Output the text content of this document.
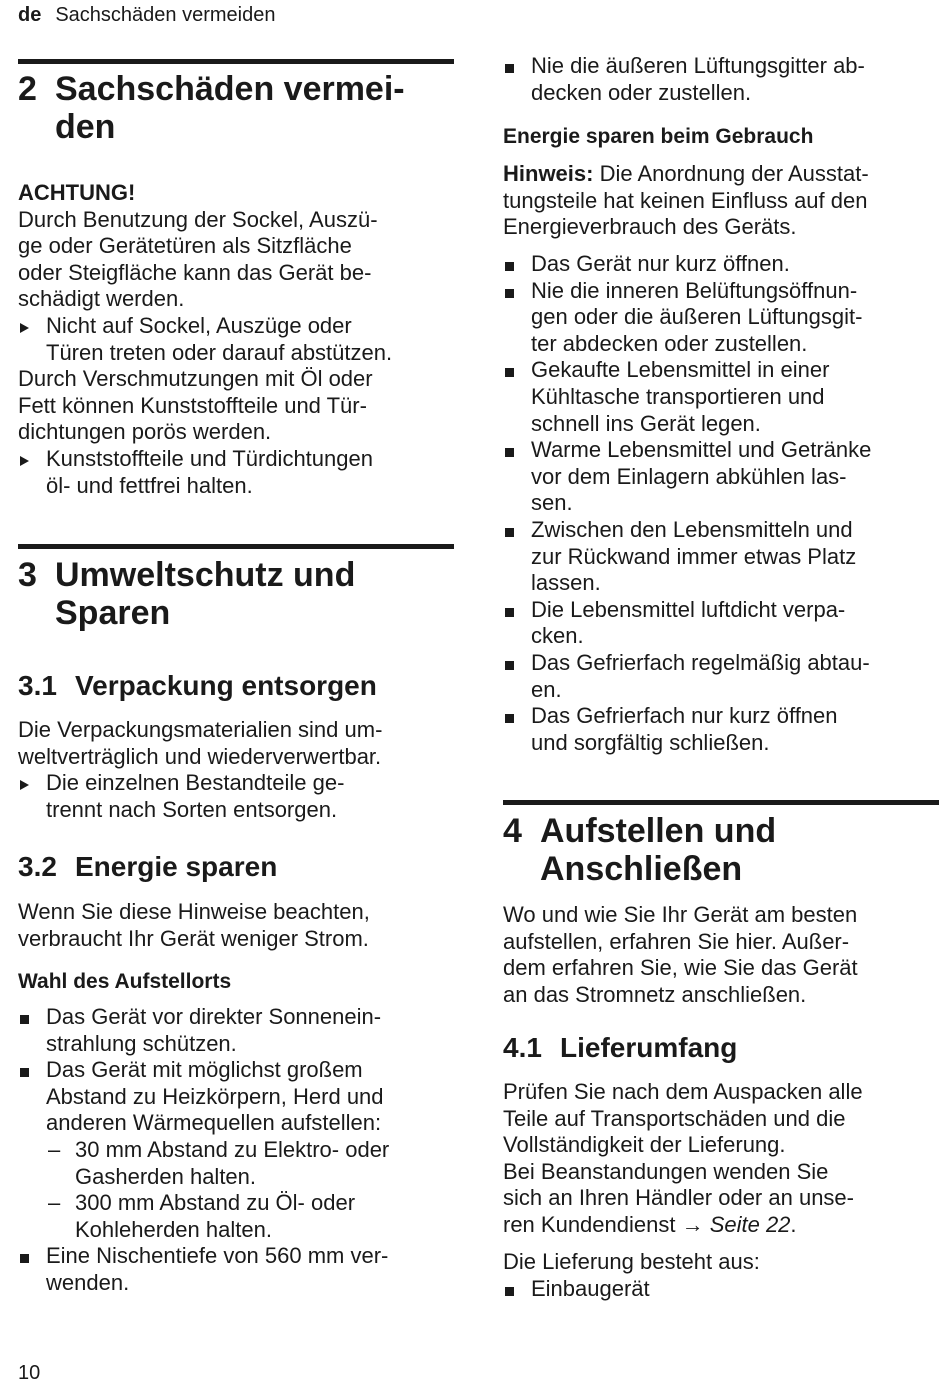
de Sachschäden vermeiden
2 Sachschäden vermei-
den
ACHTUNG!
Durch Benutzung der Sockel, Auszü-
ge oder Gerätetüren als Sitzfläche
oder Steigfläche kann das Gerät be-
schädigt werden.
Nicht auf Sockel, Auszüge oder
Türen treten oder darauf abstützen.
Durch Verschmutzungen mit Öl oder
Fett können Kunststoffteile und Tür-
dichtungen porös werden.
Kunststoffteile und Türdichtungen
öl- und fettfrei halten.
3 Umweltschutz und
Sparen
3.1 Verpackung entsorgen
Die Verpackungsmaterialien sind um-
weltverträglich und wiederverwertbar.
Die einzelnen Bestandteile ge-
trennt nach Sorten entsorgen.
3.2 Energie sparen
Wenn Sie diese Hinweise beachten,
verbraucht Ihr Gerät weniger Strom.
Wahl des Aufstellorts
Das Gerät vor direkter Sonnenein-
strahlung schützen.
Das Gerät mit möglichst großem
Abstand zu Heizkörpern, Herd und
anderen Wärmequellen aufstellen:
– 30 mm Abstand zu Elektro- oder
Gasherden halten.
– 300 mm Abstand zu Öl- oder
Kohleherden halten.
Eine Nischentiefe von 560 mm ver-
wenden.
Nie die äußeren Lüftungsgitter ab-
decken oder zustellen.
Energie sparen beim Gebrauch
Hinweis: Die Anordnung der Ausstat-
tungsteile hat keinen Einfluss auf den
Energieverbrauch des Geräts.
Das Gerät nur kurz öffnen.
Nie die inneren Belüftungsöffnun-
gen oder die äußeren Lüftungsgit-
ter abdecken oder zustellen.
Gekaufte Lebensmittel in einer
Kühltasche transportieren und
schnell ins Gerät legen.
Warme Lebensmittel und Getränke
vor dem Einlagern abkühlen las-
sen.
Zwischen den Lebensmitteln und
zur Rückwand immer etwas Platz
lassen.
Die Lebensmittel luftdicht verpa-
cken.
Das Gefrierfach regelmäßig abtau-
en.
Das Gefrierfach nur kurz öffnen
und sorgfältig schließen.
4 Aufstellen und
Anschließen
Wo und wie Sie Ihr Gerät am besten
aufstellen, erfahren Sie hier. Außer-
dem erfahren Sie, wie Sie das Gerät
an das Stromnetz anschließen.
4.1 Lieferumfang
Prüfen Sie nach dem Auspacken alle
Teile auf Transportschäden und die
Vollständigkeit der Lieferung.
Bei Beanstandungen wenden Sie
sich an Ihren Händler oder an unse-
ren Kundendienst → Seite 22.
Die Lieferung besteht aus:
Einbaugerät
10
